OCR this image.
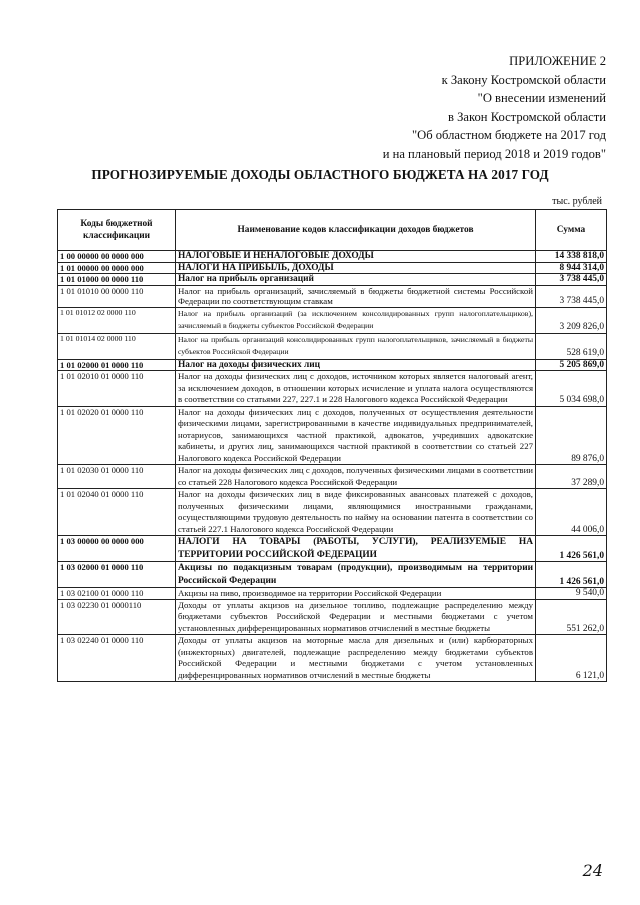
ПРИЛОЖЕНИЕ 2
к Закону Костромской области
"О внесении изменений
в Закон Костромской области
"Об областном бюджете на 2017 год
и на плановый период 2018 и 2019 годов"
ПРОГНОЗИРУЕМЫЕ ДОХОДЫ ОБЛАСТНОГО БЮДЖЕТА НА 2017 ГОД
тыс. рублей
Коды бюджетной классификации	Наименование кодов классификации доходов бюджетов	Сумма
1 00 00000 00 0000 000	НАЛОГОВЫЕ И НЕНАЛОГОВЫЕ ДОХОДЫ	14 338 818,0
1 01 00000 00 0000 000	НАЛОГИ НА ПРИБЫЛЬ, ДОХОДЫ	8 944 314,0
1 01 01000 00 0000 110	Налог на прибыль организаций	3 738 445,0
1 01 01010 00 0000 110	Налог на прибыль организаций, зачисляемый в бюджеты бюджетной системы Российской Федерации по соответствующим ставкам	3 738 445,0
1 01 01012 02 0000 110	Налог на прибыль организаций (за исключением консолидированных групп налогоплательщиков), зачисляемый в бюджеты субъектов Российской Федерации	3 209 826,0
1 01 01014 02 0000 110	Налог на прибыль организаций консолидированных групп налогоплательщиков, зачисляемый в бюджеты субъектов Российской Федерации	528 619,0
1 01 02000 01 0000 110	Налог на доходы физических лиц	5 205 869,0
1 01 02010 01 0000 110	Налог на доходы физических лиц с доходов, источником которых является налоговый агент, за исключением доходов, в отношении которых исчисление и уплата налога осуществляются в соответствии со статьями 227, 227.1 и 228 Налогового кодекса Российской Федерации	5 034 698,0
1 01 02020 01 0000 110	Налог на доходы физических лиц с доходов, полученных от осуществления деятельности физическими лицами, зарегистрированными в качестве индивидуальных предпринимателей, нотариусов, занимающихся частной практикой, адвокатов, учредивших адвокатские кабинеты, и других лиц, занимающихся частной практикой в соответствии со статьей 227 Налогового кодекса Российской Федерации	89 876,0
1 01 02030 01 0000 110	Налог на доходы физических лиц с доходов, полученных физическими лицами в соответствии со статьей 228 Налогового кодекса Российской Федерации	37 289,0
1 01 02040 01 0000 110	Налог на доходы физических лиц в виде фиксированных авансовых платежей с доходов, полученных физическими лицами, являющимися иностранными гражданами, осуществляющими трудовую деятельность по найму на основании патента в соответствии со статьей 227.1 Налогового кодекса Российской Федерации	44 006,0
1 03 00000 00 0000 000	НАЛОГИ НА ТОВАРЫ (РАБОТЫ, УСЛУГИ), РЕАЛИЗУЕМЫЕ НА ТЕРРИТОРИИ РОССИЙСКОЙ ФЕДЕРАЦИИ	1 426 561,0
1 03 02000 01 0000 110	Акцизы по подакцизным товарам (продукции), производимым на территории Российской Федерации	1 426 561,0
1 03 02100 01 0000 110	Акцизы на пиво, производимое на территории Российской Федерации	9 540,0
1 03 02230 01 0000110	Доходы от уплаты акцизов на дизельное топливо, подлежащие распределению между бюджетами субъектов Российской Федерации и местными бюджетами с учетом установленных дифференцированных нормативов отчислений в местные бюджеты	551 262,0
1 03 02240 01 0000 110	Доходы от уплаты акцизов на моторные масла для дизельных и (или) карбюраторных (инжекторных) двигателей, подлежащие распределению между бюджетами субъектов Российской Федерации и местными бюджетами с учетом установленных дифференцированных нормативов отчислений в местные бюджеты	6 121,0
24
